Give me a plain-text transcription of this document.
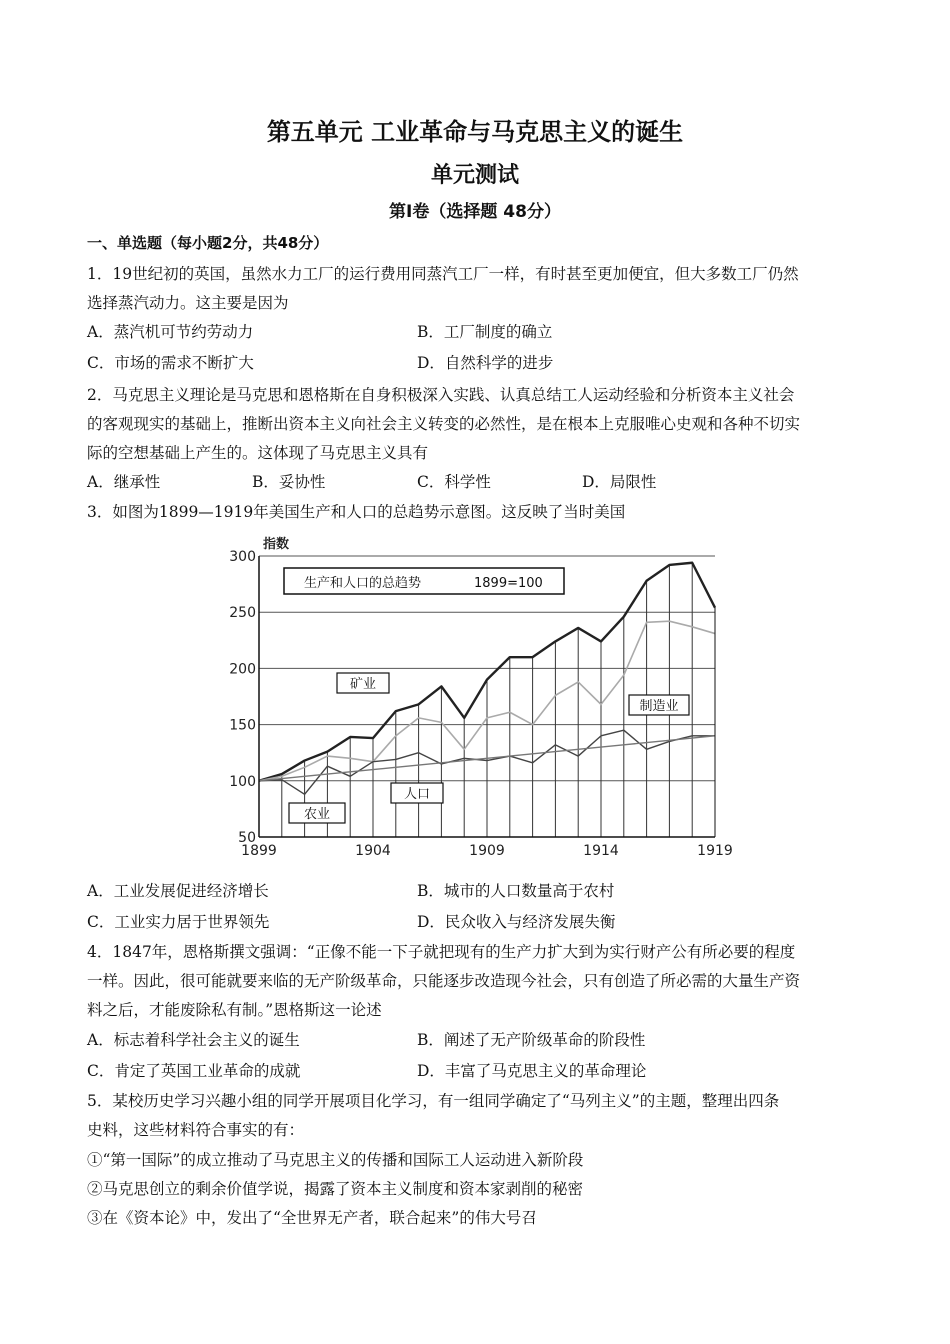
第五单元 工业革命与马克思主义的诞生
单元测试
第I卷（选择题 48分）
一、单选题（每小题2分，共48分）
1．19世纪初的英国，虽然水力工厂的运行费用同蒸汽工厂一样，有时甚至更加便宜，但大多数工厂仍然
选择蒸汽动力。这主要是因为
A．蒸汽机可节约劳动力	B．工厂制度的确立
C．市场的需求不断扩大	D．自然科学的进步
2．马克思主义理论是马克思和恩格斯在自身积极深入实践、认真总结工人运动经验和分析资本主义社会
的客观现实的基础上，推断出资本主义向社会主义转变的必然性，是在根本上克服唯心史观和各种不切实
际的空想基础上产生的。这体现了马克思主义具有
A．继承性	B．妥协性	C．科学性	D．局限性
3．如图为1899—1919年美国生产和人口的总趋势示意图。这反映了当时美国
50
100
150
200
250
300
1899	1904	1909	1914	1919
指数
生产和人口的总趋势	1899=100
矿业
制造业
人口
农业
A．工业发展促进经济增长	B．城市的人口数量高于农村
C．工业实力居于世界领先	D．民众收入与经济发展失衡
4．1847年，恩格斯撰文强调：“正像不能一下子就把现有的生产力扩大到为实行财产公有所必要的程度
一样。因此，很可能就要来临的无产阶级革命，只能逐步改造现今社会，只有创造了所必需的大量生产资
料之后，才能废除私有制。”恩格斯这一论述
A．标志着科学社会主义的诞生	B．阐述了无产阶级革命的阶段性
C．肯定了英国工业革命的成就	D．丰富了马克思主义的革命理论
5．某校历史学习兴趣小组的同学开展项目化学习，有一组同学确定了“马列主义”的主题，整理出四条
史料，这些材料符合事实的有：
①“第一国际”的成立推动了马克思主义的传播和国际工人运动进入新阶段
②马克思创立的剩余价值学说，揭露了资本主义制度和资本家剥削的秘密
③在《资本论》中，发出了“全世界无产者，联合起来”的伟大号召
